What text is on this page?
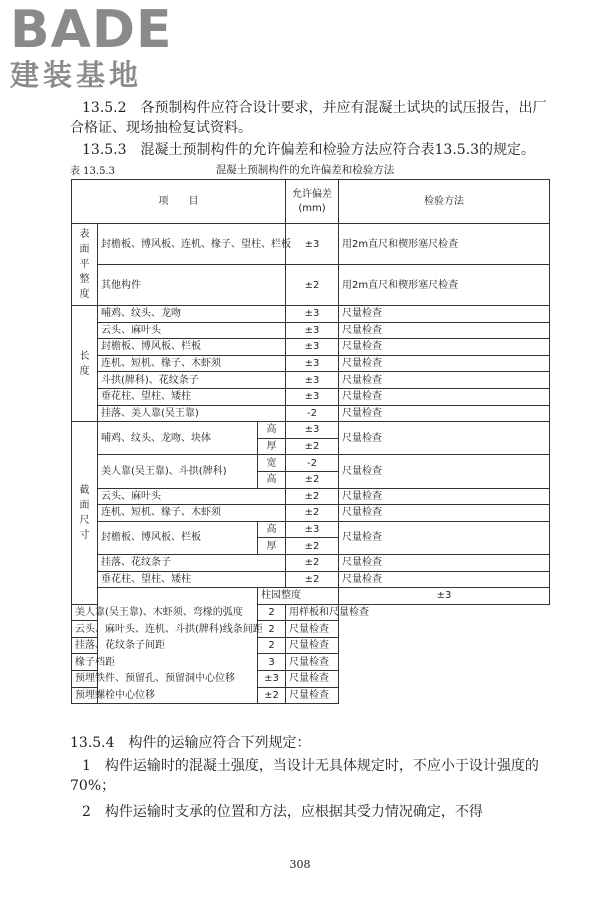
BADE
建装基地
13.5.2　各预制构件应符合设计要求，并应有混凝土试块的试压报告，出厂合格证、现场抽检复试资料。
13.5.3　混凝土预制构件的允许偏差和检验方法应符合表13.5.3的规定。
表 13.5.3	混凝土预制构件的允许偏差和检验方法
项　　目			允许偏差(mm)	检验方法	

表
面
平
整
度	封檐板、博风板、连机、椽子、望柱、栏板		±3	用2m直尺和楔形塞尺检查	
	其他构件		±2	用2m直尺和楔形塞尺检查	

长
度	哺鸡、纹头、龙吻		±3	尺量检查	
	云头、麻叶头		±3	尺量检查	
	封檐板、博风板、栏板		±3	尺量检查	
	连机、短机、椽子、木虾须		±3	尺量检查	
	斗拱(牌科)、花纹条子		±3	尺量检查	
	垂花柱、望柱、矮柱		±3	尺量检查	
	挂落、美人靠(吴王靠)		-2	尺量检查	

截
面
尺
寸	哺鸡、纹头、龙吻、块体	高	±3	尺量检查	
		厚	±2		
	美人靠(吴王靠)、斗拱(牌科)	宽	-2	尺量检查	
		高	±2		
	云头、麻叶头		±2	尺量检查	
	连机、短机、椽子、木虾须		±2	尺量检查	
	封檐板、博风板、栏板	高	±3	尺量检查	
		厚	±2		
	挂落、花纹条子		±2	尺量检查	
	垂花柱、望柱、矮柱		±2	尺量检查	
		柱园整度		±3	
美人靠(吴王靠)、木虾须、弯椽的弧度		2	用样板和尺量检查		
云头、麻叶头、连机、斗拱(牌科)线条间距		2	尺量检查		
挂落、花纹条子间距		2	尺量检查		
椽子档距		3	尺量检查		
预埋铁件、预留孔、预留洞中心位移		±3	尺量检查		
预埋螺栓中心位移		±2	尺量检查		
13.5.4　构件的运输应符合下列规定：
1　构件运输时的混凝土强度，当设计无具体规定时，不应小于设计强度的70%；
2　构件运输时支承的位置和方法，应根据其受力情况确定，不得
308
